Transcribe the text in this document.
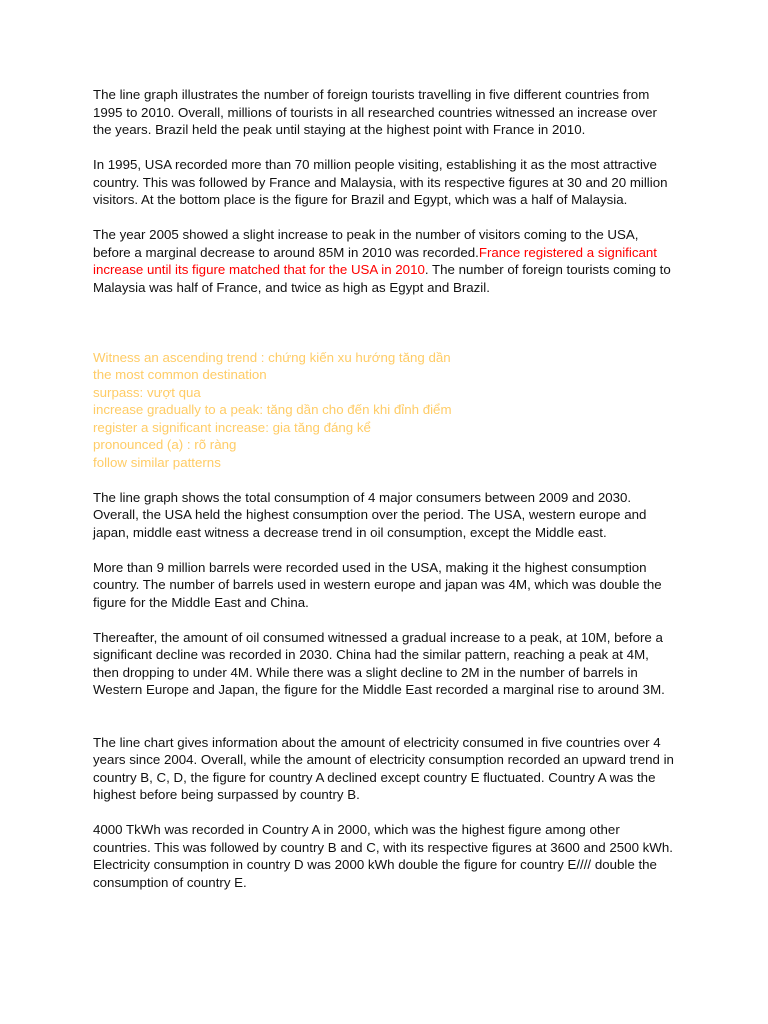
The line graph illustrates the number of foreign tourists travelling in five different countries from 1995 to 2010. Overall, millions of tourists in all researched countries witnessed an increase over the years. Brazil held the peak until staying at the highest point with France in 2010.

In 1995, USA recorded more than 70 million people visiting, establishing it as the most attractive country. This was followed by France and Malaysia, with its respective figures at 30 and 20 million visitors. At the bottom place is the figure for Brazil and Egypt, which was a half of Malaysia.

The year 2005 showed a slight increase to peak in the number of visitors coming to the USA, before a marginal decrease to around 85M in 2010 was recorded.France registered a significant increase until its figure matched that for the USA in 2010. The number of foreign tourists coming to Malaysia was half of France, and twice as high as Egypt and Brazil.

Witness an ascending trend : chứng kiến xu hướng tăng dần
the most common destination
surpass: vượt qua
increase gradually to a peak: tăng dần cho đến khi đỉnh điểm
register a significant increase: gia tăng đáng kể
pronounced (a) : rõ ràng
follow similar patterns

The line graph shows the total consumption of 4 major consumers between 2009 and 2030. Overall, the USA held the highest consumption over the period. The USA, western europe and japan, middle east witness a decrease trend in oil consumption, except the Middle east.

More than 9 million barrels were recorded used in the USA, making it the highest consumption country. The number of barrels used in western europe and japan was 4M, which was double the figure for the Middle East and China.

Thereafter, the amount of oil consumed witnessed a gradual increase to a peak, at 10M, before a significant decline was recorded in 2030. China had the similar pattern, reaching a peak at 4M, then dropping to under 4M. While there was a slight decline to 2M in the number of barrels in Western Europe and Japan, the figure for the Middle East recorded a marginal rise to around 3M.

The line chart gives information about the amount of electricity consumed in five countries over 4 years since 2004. Overall, while the amount of electricity consumption recorded an upward trend in country B, C, D, the figure for country A declined except country E fluctuated. Country A was the highest before being surpassed by country B.

4000 TkWh was recorded in Country A in 2000, which was the highest figure among other countries. This was followed by country B and C, with its respective figures at 3600 and 2500 kWh. Electricity consumption in country D was 2000 kWh double the figure for country E//// double the consumption of country E.
